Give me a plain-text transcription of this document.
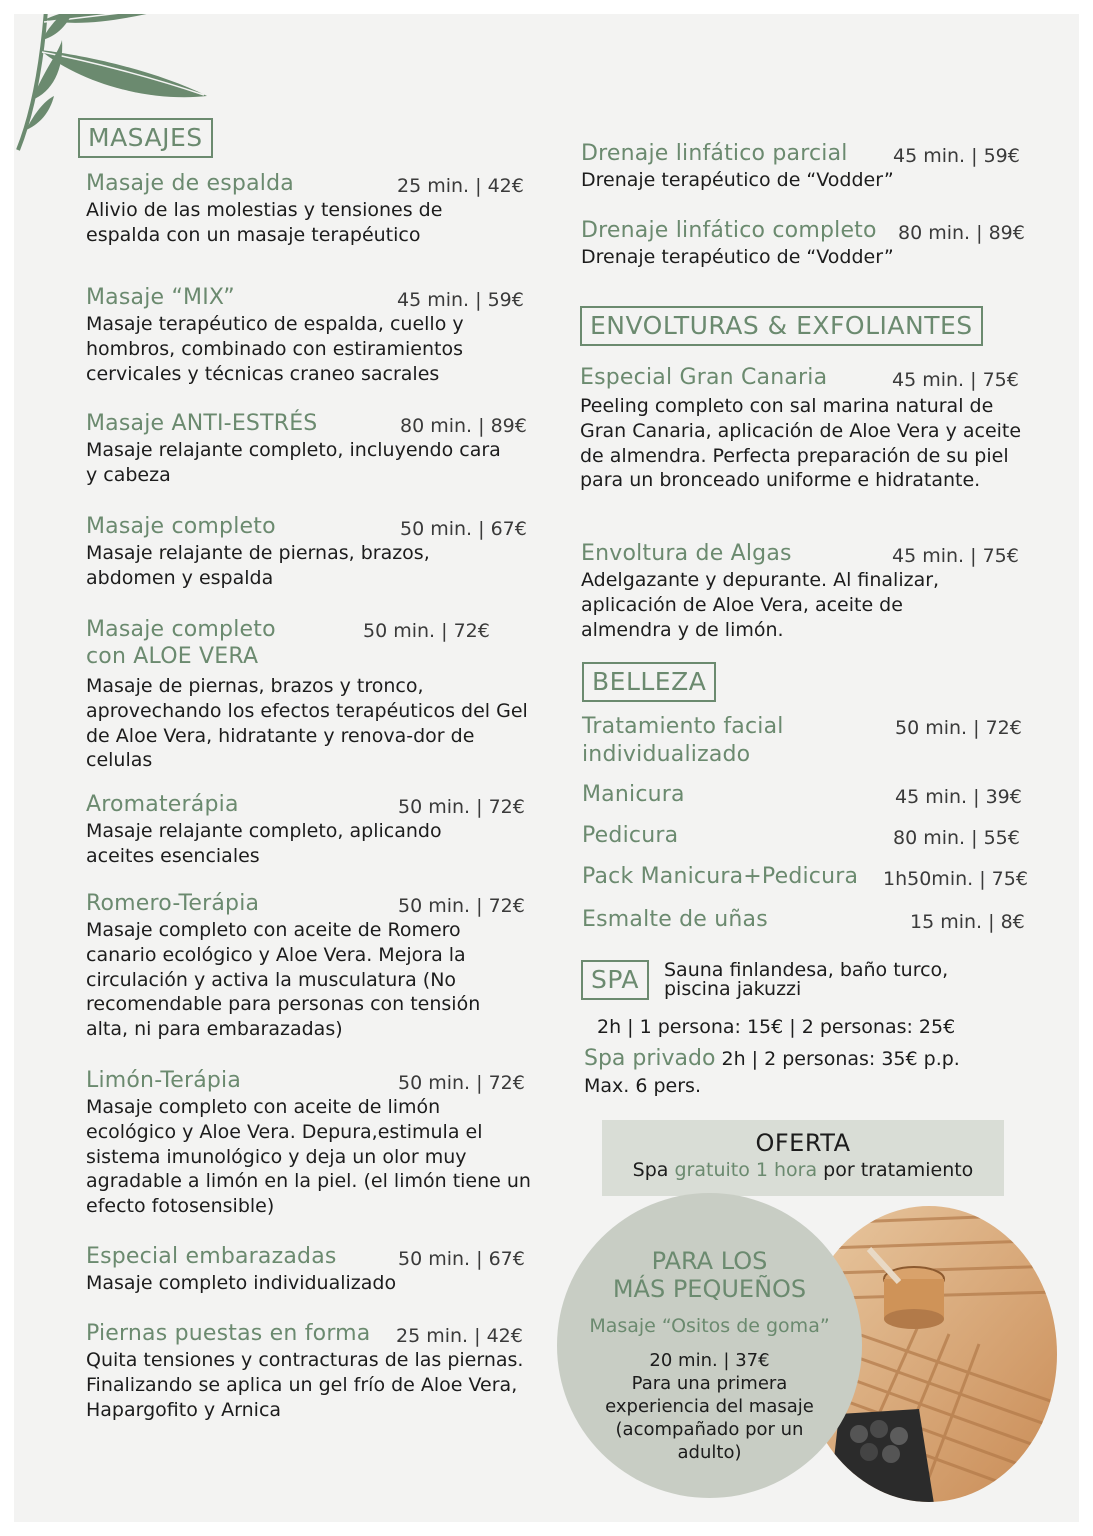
MASAJES
Masaje de espalda	25 min. | 42€
Alivio de las molestias y tensiones de espalda con un masaje terapéutico
Masaje “MIX”	45 min. | 59€
Masaje terapéutico de espalda, cuello y hombros, combinado con estiramientos cervicales y técnicas craneo sacrales
Masaje ANTI-ESTRÉS	80 min. | 89€
Masaje relajante completo, incluyendo cara y cabeza
Masaje completo	50 min. | 67€
Masaje relajante de piernas, brazos, abdomen y espalda
Masaje completo con ALOE VERA
50 min. | 72€
Masaje de piernas, brazos y tronco, aprovechando los efectos terapéuticos del Gel de Aloe Vera, hidratante y renova-dor de celulas
Aromaterápia	50 min. | 72€
Masaje relajante completo, aplicando aceites esenciales
Romero-Terápia	50 min. | 72€
Masaje completo con aceite de Romero canario ecológico y Aloe Vera. Mejora la circulación y activa la musculatura (No recomendable para personas con tensión alta, ni para embarazadas)
Limón-Terápia	50 min. | 72€
Masaje completo con aceite de limón ecológico y Aloe Vera. Depura,estimula el sistema imunológico y deja un olor muy agradable a limón en la piel. (el limón tiene un efecto fotosensible)
Especial embarazadas	50 min. | 67€
Masaje completo individualizado
Piernas puestas en forma	25 min. | 42€
Quita tensiones y contracturas de las piernas. Finalizando se aplica un gel frío de Aloe Vera, Hapargofito y Arnica
Drenaje linfático parcial	45 min. | 59€
Drenaje terapéutico de “Vodder”
Drenaje linfático completo	80 min. | 89€
Drenaje terapéutico de “Vodder”
ENVOLTURAS & EXFOLIANTES
Especial Gran Canaria	45 min. | 75€
Peeling completo con sal marina natural de Gran Canaria, aplicación de Aloe Vera y aceite de almendra. Perfecta preparación de su piel para un bronceado uniforme e hidratante.
Envoltura de Algas	45 min. | 75€
Adelgazante y depurante. Al finalizar, aplicación de Aloe Vera, aceite de almendra y de limón.
BELLEZA
Tratamiento facial individualizado
50 min. | 72€
Manicura	45 min. | 39€
Pedicura	80 min. | 55€
Pack Manicura+Pedicura	1h50min. | 75€
Esmalte de uñas	15 min. | 8€
SPA	Sauna finlandesa, baño turco, piscina jakuzzi
2h | 1 persona: 15€ | 2 personas: 25€
Spa privado 2h | 2 personas: 35€ p.p.
Max. 6 pers.
OFERTA
Spa gratuito 1 hora por tratamiento
PARA LOS
MÁS PEQUEÑOS
Masaje “Ositos de goma”
20 min. | 37€
Para una primera experiencia del masaje (acompañado por un adulto)
